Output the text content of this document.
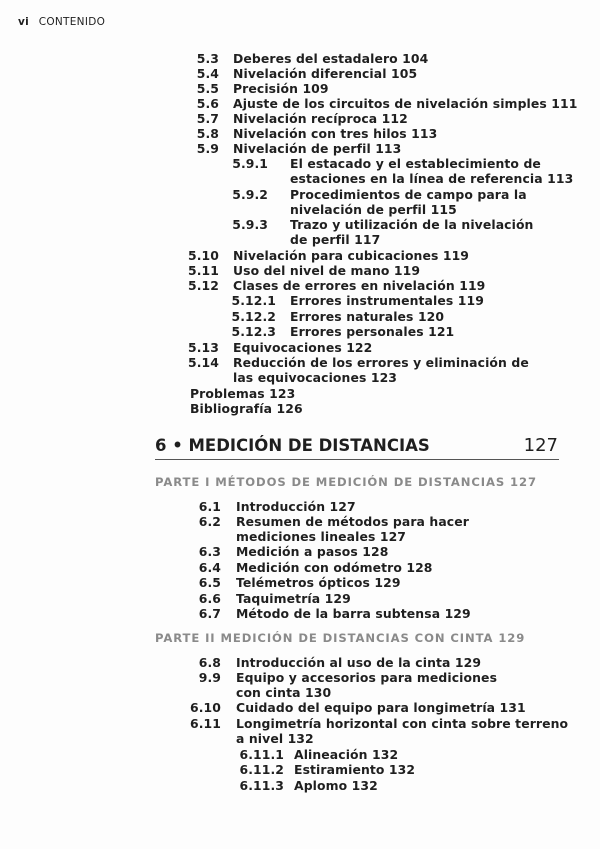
vi CONTENIDO
5.3 Deberes del estadalero 104
5.4 Nivelación diferencial 105
5.5 Precisión 109
5.6 Ajuste de los circuitos de nivelación simples 111
5.7 Nivelación recíproca 112
5.8 Nivelación con tres hilos 113
5.9 Nivelación de perfil 113
5.9.1 El estacado y el establecimiento de
estaciones en la línea de referencia 113
5.9.2 Procedimientos de campo para la
nivelación de perfil 115
5.9.3 Trazo y utilización de la nivelación
de perfil 117
5.10 Nivelación para cubicaciones 119
5.11 Uso del nivel de mano 119
5.12 Clases de errores en nivelación 119
5.12.1 Errores instrumentales 119
5.12.2 Errores naturales 120
5.12.3 Errores personales 121
5.13 Equivocaciones 122
5.14 Reducción de los errores y eliminación de
las equivocaciones 123
Problemas 123
Bibliografía 126
6 • MEDICIÓN DE DISTANCIAS	127
PARTE I MÉTODOS DE MEDICIÓN DE DISTANCIAS 127
6.1 Introducción 127
6.2 Resumen de métodos para hacer
mediciones lineales 127
6.3 Medición a pasos 128
6.4 Medición con odómetro 128
6.5 Telémetros ópticos 129
6.6 Taquimetría 129
6.7 Método de la barra subtensa 129
PARTE II MEDICIÓN DE DISTANCIAS CON CINTA 129
6.8 Introducción al uso de la cinta 129
9.9 Equipo y accesorios para mediciones
con cinta 130
6.10 Cuidado del equipo para longimetría 131
6.11 Longimetría horizontal con cinta sobre terreno
a nivel 132
6.11.1 Alineación 132
6.11.2 Estiramiento 132
6.11.3 Aplomo 132
